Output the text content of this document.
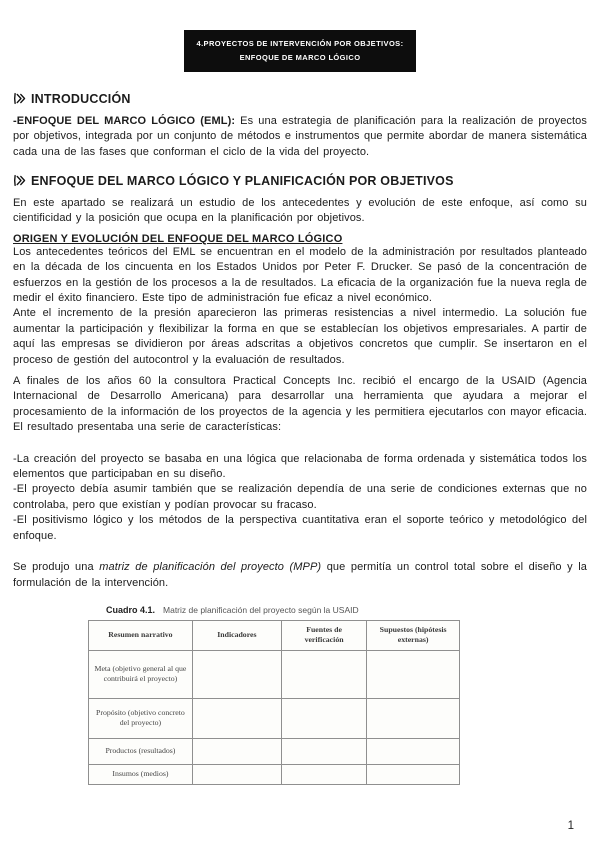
4.PROYECTOS DE INTERVENCIÓN POR OBJETIVOS:
ENFOQUE DE MARCO LÓGICO
INTRODUCCIÓN

-ENFOQUE DEL MARCO LÓGICO (EML): Es una estrategia de planificación para la realización de proyectos por objetivos, integrada por un conjunto de métodos e instrumentos que permite abordar de manera sistemática cada una de las fases que conforman el ciclo de la vida del proyecto.

ENFOQUE DEL MARCO LÓGICO Y PLANIFICACIÓN POR OBJETIVOS

En este apartado se realizará un estudio de los antecedentes y evolución de este enfoque, así como su cientificidad y la posición que ocupa en la planificación por objetivos.

ORIGEN Y EVOLUCIÓN DEL ENFOQUE DEL MARCO LÓGICO

Los antecedentes teóricos del EML se encuentran en el modelo de la administración por resultados planteado en la década de los cincuenta en los Estados Unidos por Peter F. Drucker. Se pasó de la concentración de esfuerzos en la gestión de los procesos a la de resultados. La eficacia de la organización fue la nueva regla de medir el éxito financiero. Este tipo de administración fue eficaz a nivel económico.

Ante el incremento de la presión aparecieron las primeras resistencias a nivel intermedio. La solución fue aumentar la participación y flexibilizar la forma en que se establecían los objetivos empresariales. A partir de aquí las empresas se dividieron por áreas adscritas a objetivos concretos que cumplir. Se insertaron en el proceso de gestión del autocontrol y la evaluación de resultados.

A finales de los años 60 la consultora Practical Concepts Inc. recibió el encargo de la USAID (Agencia Internacional de Desarrollo Americana) para desarrollar una herramienta que ayudara a mejorar el procesamiento de la información de los proyectos de la agencia y les permitiera ejecutarlos con mayor eficacia. El resultado presentaba una serie de características:

-La creación del proyecto se basaba en una lógica que relacionaba de forma ordenada y sistemática todos los elementos que participaban en su diseño.

-El proyecto debía asumir también que se realización dependía de una serie de condiciones externas que no controlaba, pero que existían y podían provocar su fracaso.

-El positivismo lógico y los métodos de la perspectiva cuantitativa eran el soporte teórico y metodológico del enfoque.

Se produjo una matriz de planificación del proyecto (MPP) que permitía un control total sobre el diseño y la formulación de la intervención.

Cuadro 4.1. Matriz de planificación del proyecto según la USAID
Resumen narrativo	Indicadores	Fuentes de verificación	Supuestos (hipótesis externas)
Meta (objetivo general al que contribuirá el proyecto)			
Propósito (objetivo concreto del proyecto)			
Productos (resultados)			
Insumos (medios)			
1
